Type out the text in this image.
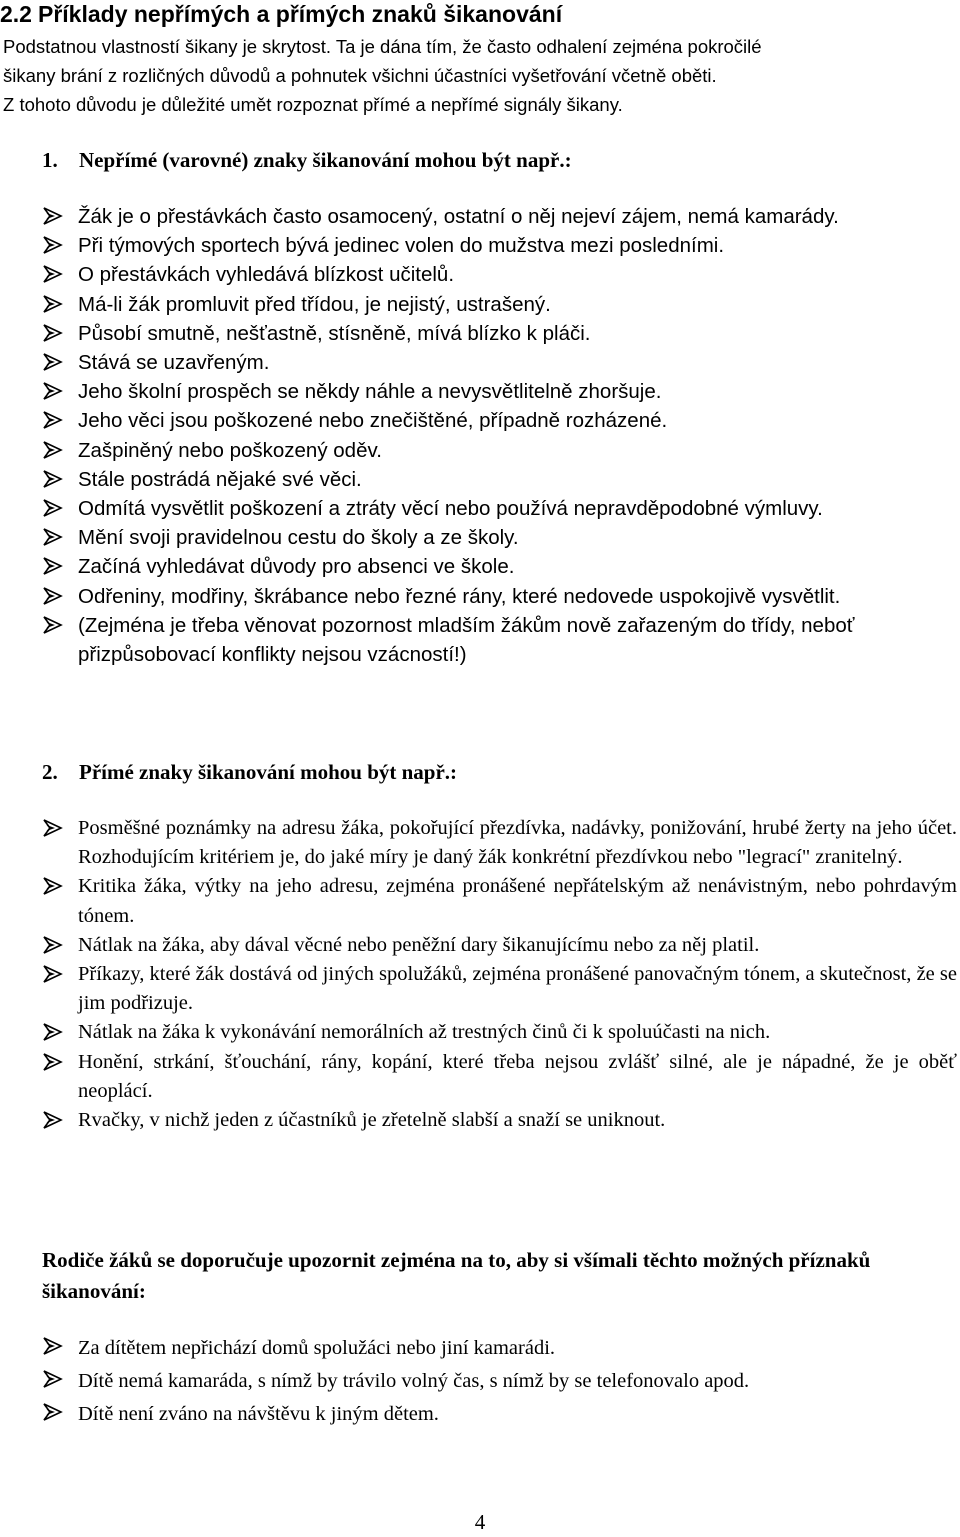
2.2 Příklady nepřímých a přímých znaků šikanování
Podstatnou vlastností šikany je skrytost. Ta je dána tím, že často odhalení zejména pokročilé
šikany brání z rozličných důvodů a pohnutek všichni účastníci vyšetřování včetně oběti.
Z tohoto důvodu je důležité umět rozpoznat přímé a nepřímé signály šikany.
1. Nepřímé (varovné) znaky šikanování mohou být např.:
Žák je o přestávkách často osamocený, ostatní o něj nejeví zájem, nemá kamarády.
Při týmových sportech bývá jedinec volen do mužstva mezi posledními.
O přestávkách vyhledává blízkost učitelů.
Má-li žák promluvit před třídou, je nejistý, ustrašený.
Působí smutně, nešťastně, stísněně, mívá blízko k pláči.
Stává se uzavřeným.
Jeho školní prospěch se někdy náhle a nevysvětlitelně zhoršuje.
Jeho věci jsou poškozené nebo znečištěné, případně rozházené.
Zašpiněný nebo poškozený oděv.
Stále postrádá nějaké své věci.
Odmítá vysvětlit poškození a ztráty věcí nebo používá nepravděpodobné výmluvy.
Mění svoji pravidelnou cestu do školy a ze školy.
Začíná vyhledávat důvody pro absenci ve škole.
Odřeniny, modřiny, škrábance nebo řezné rány, které nedovede uspokojivě vysvětlit.
(Zejména je třeba věnovat pozornost mladším žákům nově zařazeným do třídy, neboť přizpůsobovací konflikty nejsou vzácností!)
2. Přímé znaky šikanování mohou být např.:
Posměšné poznámky na adresu žáka, pokořující přezdívka, nadávky, ponižování, hrubé žerty na jeho účet. Rozhodujícím kritériem je, do jaké míry je daný žák konkrétní přezdívkou nebo "legrací" zranitelný.
Kritika žáka, výtky na jeho adresu, zejména pronášené nepřátelským až nenávistným, nebo pohrdavým tónem.
Nátlak na žáka, aby dával věcné nebo peněžní dary šikanujícímu nebo za něj platil.
Příkazy, které žák dostává od jiných spolužáků, zejména pronášené panovačným tónem, a skutečnost, že se jim podřizuje.
Nátlak na žáka k vykonávání nemorálních až trestných činů či k spoluúčasti na nich.
Honění, strkání, šťouchání, rány, kopání, které třeba nejsou zvlášť silné, ale je nápadné, že je oběť neoplácí.
Rvačky, v nichž jeden z účastníků je zřetelně slabší a snaží se uniknout.
Rodiče žáků se doporučuje upozornit zejména na to, aby si všímali těchto možných příznaků šikanování:
Za dítětem nepřichází domů spolužáci nebo jiní kamarádi.
Dítě nemá kamaráda, s nímž by trávilo volný čas, s nímž by se telefonovalo apod.
Dítě není zváno na návštěvu k jiným dětem.
4
